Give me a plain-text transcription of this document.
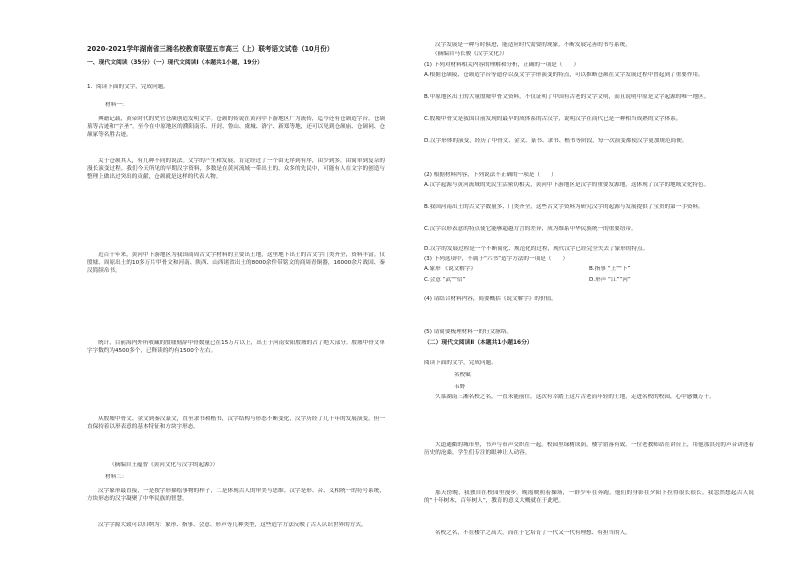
2020-2021学年湖南省三湘名校教育联盟五市高三（上）联考语文试卷（10月份）
一、现代文阅读（35分）（一）现代文阅读Ⅰ（本题共1小题，19分）
1．阅读下面的文字，完成问题。
材料一：
典籍记载，黄帝时代的史官仓颉创造发明文字。仓颉的传说在黄河中下游地区广为流传，迄今还有仓颉造字台，仓颉墓等古迹和“字圣”。至今在中原地区的濮阳南乐、开封、鲁山、虞城、洛宁、新郑等地，还可以见到仓颉庙、仓颉祠、仓颉冢等名胜古迹。
关于仓颉其人，有几种不同的说法。文字的产生和发展，肯定经过了一个由无序到有序，由少到多，由简单到复杂的漫长演变过程。我们今天所见的早期汉字资料，多数是在黄河流域一带出土的。众多的先民中，可能有人在文字的创造与整理上做出过突出的贡献，仓颉就是这样的代表人物。
近百十年来，黄河中下游地区为我国商周古文字材料的主要出土地，这里地下出土的古文字门类齐全，资料丰富。仅殷墟、周原出土的10多万片甲骨文和河南、陕西、山西诸省出土的8000余件带铭文的商周青铜器，16000余片战国、秦汉简牍帛书。
统计，目前海内外所收藏的殷墟刻辞甲骨数量已在15万片以上，出土于河南安阳殷墟的占了绝大部分。殷墟甲骨文单字字数约为4500多个，已释读的约有1500个左右。
从殷墟甲骨文、金文到秦汉篆文，直至隶书和楷书，汉字结构与形态不断变化，汉字历经了几千年的发展演变，但一直保持着以形表意的基本特征和方块字形态。
（摘编自王蕴智《黄河文化与汉字的起源》）
材料二：
汉字象形最直接，一是按字形描绘事物的样子，二是体现古人的审美与思维。汉字是形、音、义相统一的符号系统，方块形态的汉字凝聚了中华民族的智慧。
汉字字源大致可以归纳为：象形、指事、会意、形声等几种类型，这些造字方法反映了古人认识世界的方式。
汉字发展是一种与时俱进，能适应时代需要的现象，不断发展完善的书写系统。
（摘编自马长骏《汉字文化》）
(1) 下列对材料相关内容的理解和分析，正确的一项是（　　）
A.根据仓颉陵、仓颉造字台等遗存以及文字字形演变的特点，可以推断仓颉在文字发展过程中曾起到了重要作用。
B.中原地区出土的大量殷墟甲骨文资料，不仅证明了中国有古老的文字文明，而且说明中原是文字起源的唯一地区。
C.殷墟甲骨文是我国目前发现的最早的成体系的古汉字，说明汉字在商代已是一种相当成熟的文字体系。
D.汉字形体的演变，经历了甲骨文、金文、篆书、隶书、楷书等阶段，每一次演变都使汉字更加规范简便。
(2) 根据材料内容，下列说法不正确的一项是（　　）
A.汉字起源与黄河流域的先民生活密切相关，黄河中下游地区是汉字的重要发源地，这体现了汉字的地域文化特色。
B.我国河南出土的古文字数量多、门类齐全，这些古文字资料为研究汉字的起源与发展提供了宝贵的第一手资料。
C.汉字以形表意的特点使它能够超越方言的差异，成为维系中华民族统一的重要纽带。
D.汉字的发展过程是一个不断简化、规范化的过程，现代汉字已经完全失去了象形的特点。
(3) 下列选项中，不属于“六书”造字方法的一项是（　　）
A.象形 《说文解字》	B.指事 “上”“下”
C.会意 “武”“信”	D.形声 “江”“河”
(4) 请结合材料内容，简要概括《说文解字》的价值。
(5) 请简要梳理材料一的行文脉络。
（二）现代文阅读Ⅱ（本题共1小题16分）
阅读下面的文字，完成问题。
名校赋
韦野
久慕湖南三湘名校之名，一直未能前往。这次有幸踏上这片古老而年轻的土地，走进名校的校园，心中感慨万千。
大道通衢的城市里，书声与市声交织在一起。校园里绿树成荫，楼宇错落有致。一位老教师站在讲台上，用他那洪亮的声音讲述着历史的沧桑，学生们专注的眼神让人动容。
那天傍晚，我独自在校园里漫步。晚霞映照着操场，一群少年在奔跑，他们的身影在夕阳下拉得很长很长。我忽然想起古人说的“十年树木，百年树人”，教育的意义大概就在于此吧。
名校之名，不在楼宇之高大，而在于它培育了一代又一代有理想、有担当的人。
